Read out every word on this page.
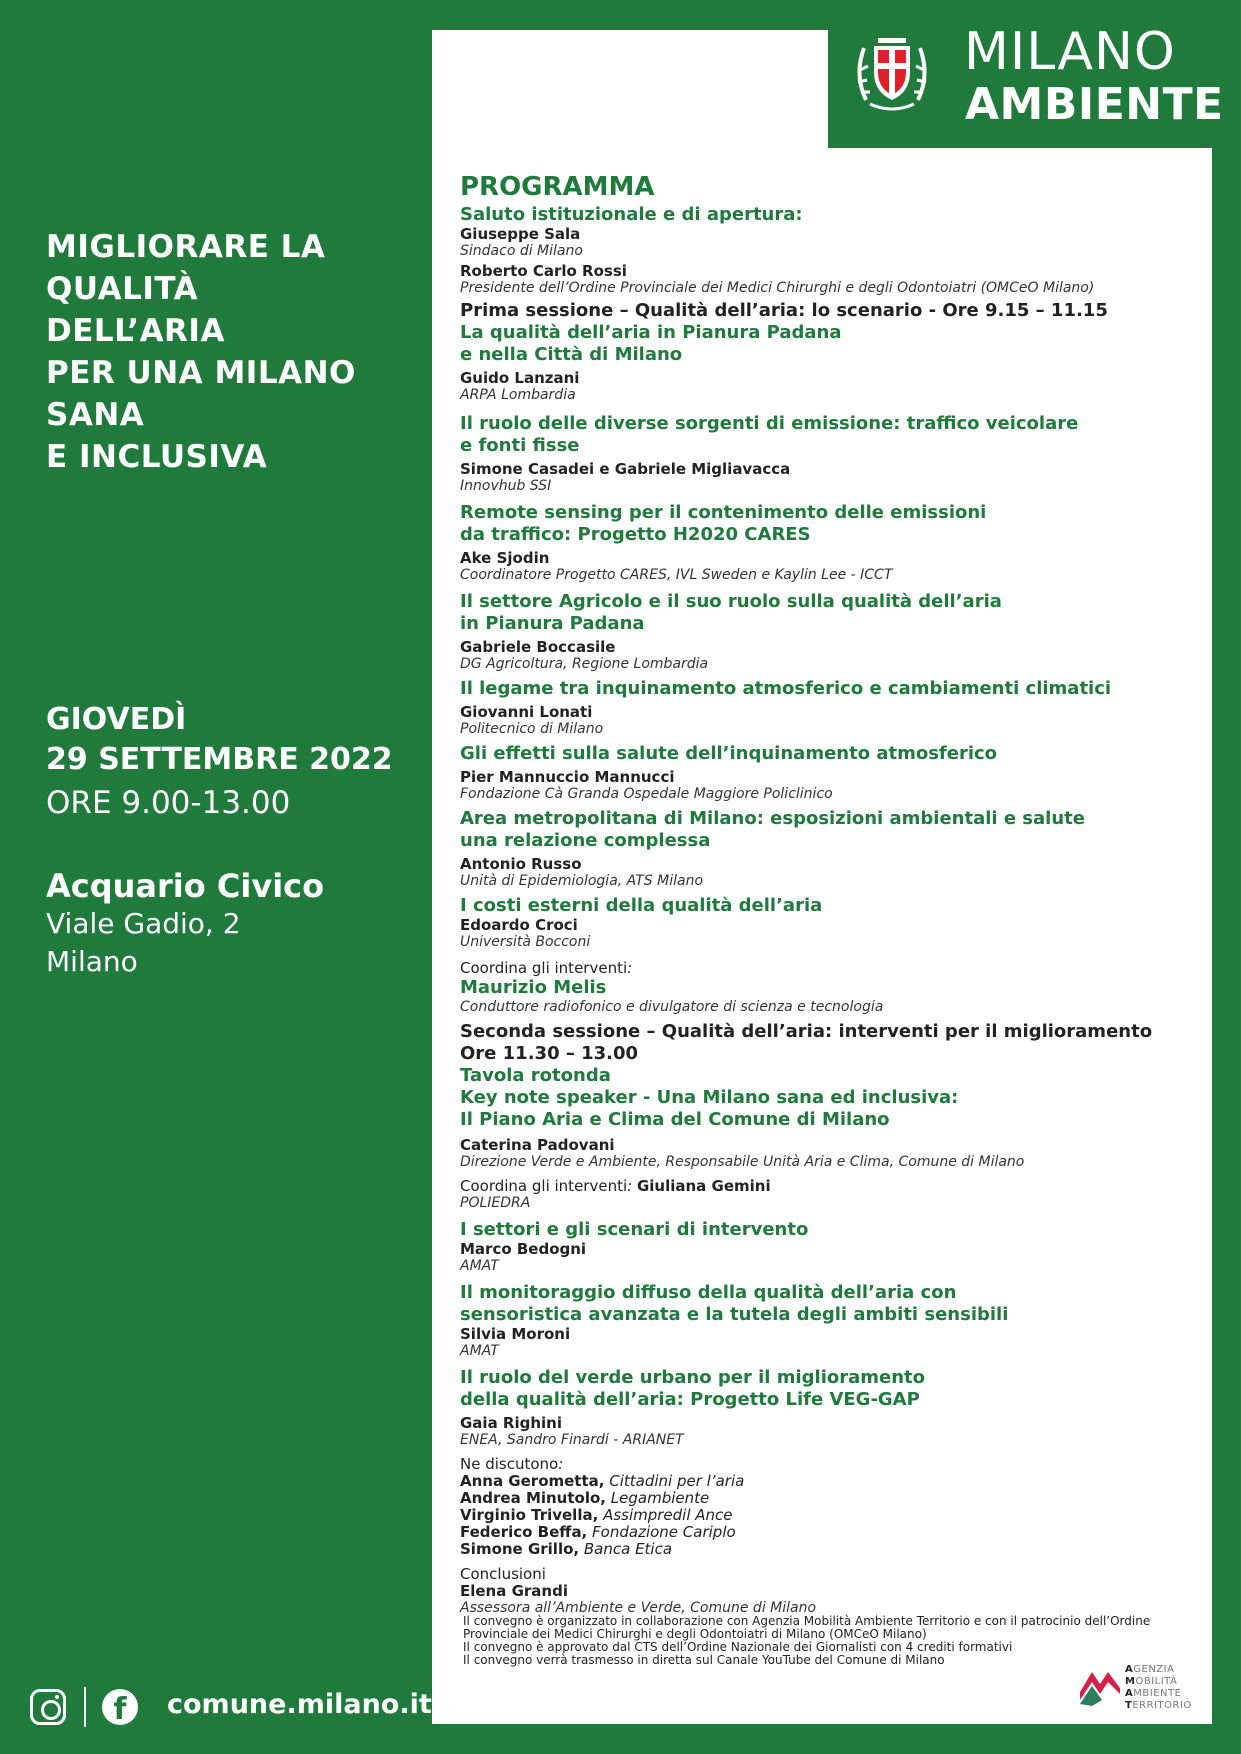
MIGLIORARE LA
QUALITÀ
DELL’ARIA
PER UNA MILANO
SANA
E INCLUSIVA
GIOVEDÌ
29 SETTEMBRE 2022
ORE 9.00-13.00
Acquario Civico
Viale Gadio, 2
Milano
f	comune.milano.it
MILANO
AMBIENTE
PROGRAMMA
Saluto istituzionale e di apertura:
Giuseppe Sala
Sindaco di Milano
Roberto Carlo Rossi
Presidente dell’Ordine Provinciale dei Medici Chirurghi e degli Odontoiatri (OMCeO Milano)
Prima sessione – Qualità dell’aria: lo scenario - Ore 9.15 – 11.15
La qualità dell’aria in Pianura Padana
e nella Città di Milano
Guido Lanzani
ARPA Lombardia
Il ruolo delle diverse sorgenti di emissione: traffico veicolare
e fonti fisse
Simone Casadei e Gabriele Migliavacca
Innovhub SSI
Remote sensing per il contenimento delle emissioni
da traffico: Progetto H2020 CARES
Ake Sjodin
Coordinatore Progetto CARES, IVL Sweden e Kaylin Lee - ICCT
Il settore Agricolo e il suo ruolo sulla qualità dell’aria
in Pianura Padana
Gabriele Boccasile
DG Agricoltura, Regione Lombardia
Il legame tra inquinamento atmosferico e cambiamenti climatici
Giovanni Lonati
Politecnico di Milano
Gli effetti sulla salute dell’inquinamento atmosferico
Pier Mannuccio Mannucci
Fondazione Cà Granda Ospedale Maggiore Policlinico
Area metropolitana di Milano: esposizioni ambientali e salute
una relazione complessa
Antonio Russo
Unità di Epidemiologia, ATS Milano
I costi esterni della qualità dell’aria
Edoardo Croci
Università Bocconi
Coordina gli interventi:
Maurizio Melis
Conduttore radiofonico e divulgatore di scienza e tecnologia
Seconda sessione – Qualità dell’aria: interventi per il miglioramento
Ore 11.30 – 13.00
Tavola rotonda
Key note speaker - Una Milano sana ed inclusiva:
Il Piano Aria e Clima del Comune di Milano
Caterina Padovani
Direzione Verde e Ambiente, Responsabile Unità Aria e Clima, Comune di Milano
Coordina gli interventi: Giuliana Gemini
POLIEDRA
I settori e gli scenari di intervento
Marco Bedogni
AMAT
Il monitoraggio diffuso della qualità dell’aria con
sensoristica avanzata e la tutela degli ambiti sensibili
Silvia Moroni
AMAT
Il ruolo del verde urbano per il miglioramento
della qualità dell’aria: Progetto Life VEG-GAP
Gaia Righini
ENEA, Sandro Finardi - ARIANET
Ne discutono:
Anna Gerometta, Cittadini per l’aria
Andrea Minutolo, Legambiente
Virginio Trivella, Assimpredil Ance
Federico Beffa, Fondazione Cariplo
Simone Grillo, Banca Etica
Conclusioni
Elena Grandi
Assessora all’Ambiente e Verde, Comune di Milano
Il convegno è organizzato in collaborazione con Agenzia Mobilità Ambiente Territorio e con il patrocinio dell’Ordine
Provinciale dei Medici Chirurghi e degli Odontoiatri di Milano (OMCeO Milano)
Il convegno è approvato dal CTS dell’Ordine Nazionale dei Giornalisti con 4 crediti formativi
Il convegno verrà trasmesso in diretta sul Canale YouTube del Comune di Milano
AGENZIA
MOBILITÀ
AMBIENTE
TERRITORIO
